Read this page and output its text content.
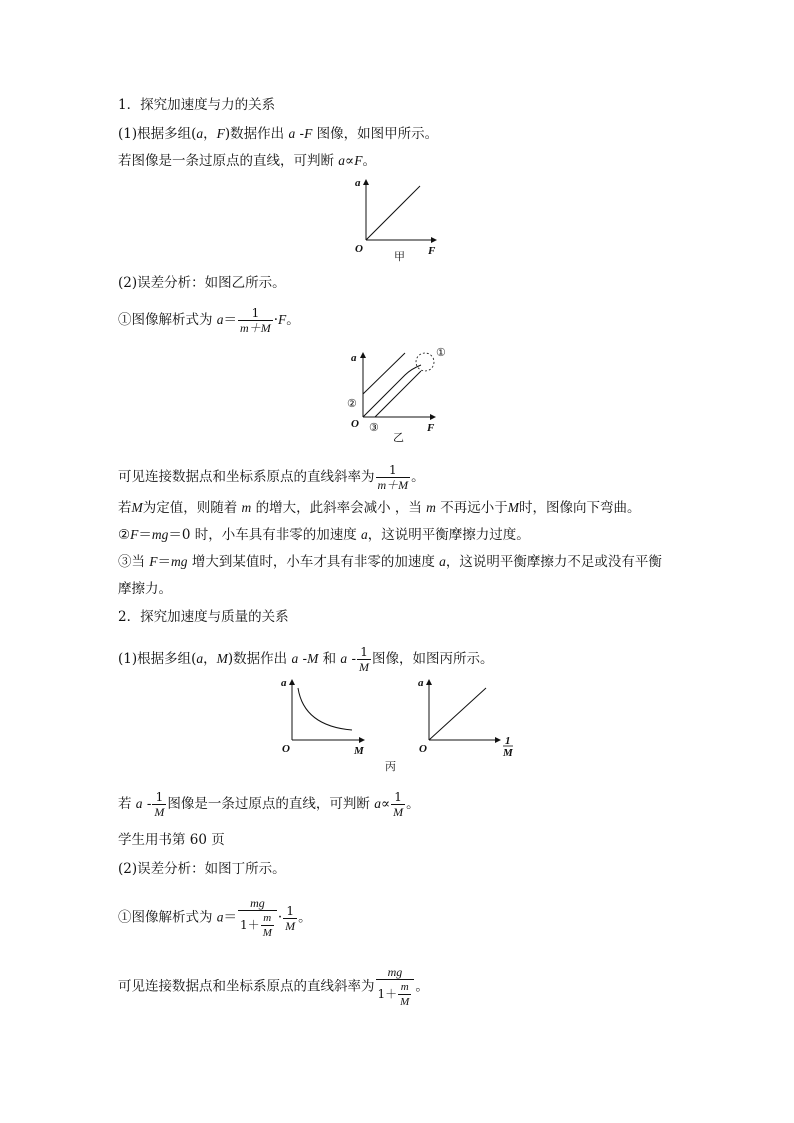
1．探究加速度与力的关系
(1)根据多组(a，F)数据作出 a -F 图像，如图甲所示。
若图像是一条过原点的直线，可判断 a∝F。
a
F
O
甲
(2)误差分析：如图乙所示。
①图像解析式为 $a= \frac{1}{m+M} \cdot F$。
a
F
O
①
②
③
乙
可见连接数据点和坐标系原点的直线斜率为 $\frac{1}{m+M}$ 。
若M为定值，则随着 m 的增大，此斜率会减小 ，当 m 不再远小于M时，图像向下弯曲。
②F＝mg＝0 时，小车具有非零的加速度 a，这说明平衡摩擦力过度。
③当 F＝mg 增大到某值时，小车才具有非零的加速度 a，这说明平衡摩擦力不足或没有平衡
摩擦力。
2．探究加速度与质量的关系
(1)根据多组(a，M)数据作出 a -M 和 a - $\frac{1}{M}$ 图像，如图丙所示。
a
O	M
a
O
1
M
丙
若 a - $\frac{1}{M}$ 图像是一条过原点的直线，可判断 $a\propto \frac{1}{M}$ 。
学生用书第 60 页
(2)误差分析：如图丁所示。
①图像解析式为 $a= \frac{mg}{1+ \frac{m}{M}} \cdot \frac{1}{M}$ 。
可见连接数据点和坐标系原点的直线斜率为 $\frac{mg}{1+ \frac{m}{M}}$ 。
